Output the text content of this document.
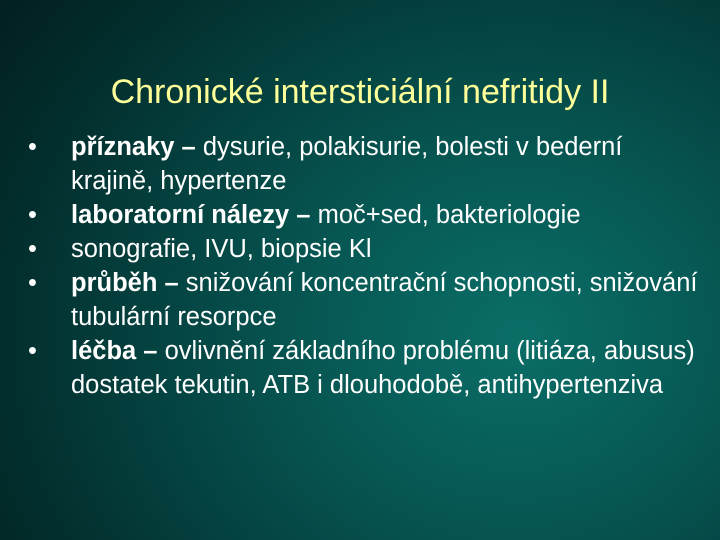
Chronické intersticiální nefritidy II
•	příznaky – dysurie, polakisurie, bolesti v bederní krajině, hypertenze
•	laboratorní nálezy – moč+sed, bakteriologie
•	sonografie, IVU, biopsie Kl
•	průběh – snižování koncentrační schopnosti, snižování tubulární resorpce
•	léčba – ovlivnění základního problému (litiáza, abusus) dostatek tekutin, ATB i dlouhodobě, antihypertenziva
